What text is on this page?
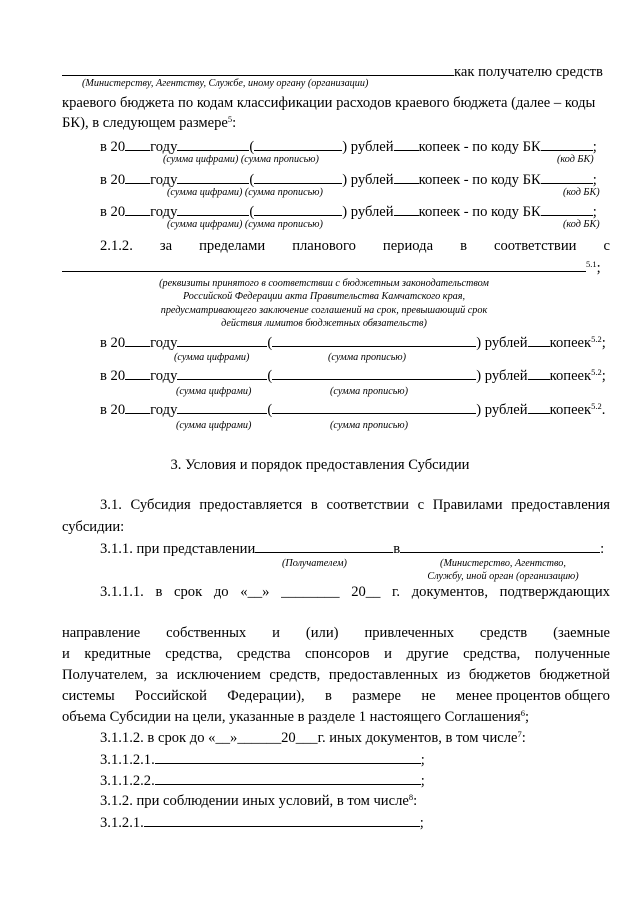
как получателю средств
(Министерству, Агентству, Службе, иному органу (организации)
краевого бюджета по кодам классификации расходов краевого бюджета (далее – коды
БК), в следующем размере$^5$:
в 20 году	(	) рублей копеек - по коду БК	;
(сумма цифрами) (сумма прописью)	(код БК)
в 20 году	(	) рублей копеек - по коду БК	;
(сумма цифрами) (сумма прописью)	(код БК)
в 20 году	(	) рублей копеек - по коду БК	;
(сумма цифрами) (сумма прописью)	(код БК)
2.1.2. за пределами планового периода в соответствии с
$^{5.1}$;
(реквизиты принятого в соответствии с бюджетным законодательством
Российской Федерации акта Правительства Камчатского края,
предусматривающего заключение соглашений на срок, превышающий срок
действия лимитов бюджетных обязательств)
в 20 году	(	) рублей копеек$^{5.2}$;
(сумма цифрами)	(сумма прописью)
в 20 году	(	) рублей копеек$^{5.2}$;
(сумма цифрами)	(сумма прописью)
в 20 году	(	) рублей копеек$^{5.2}$.
(сумма цифрами)	(сумма прописью)
3. Условия и порядок предоставления Субсидии
3.1. Субсидия предоставляется в соответствии с Правилами предоставления
субсидии:
3.1.1. при представлении	в	:
(Получателем)	(Министерство, Агентство,
Службу, иной орган (организацию)
3.1.1.1. в срок до «__» ________ 20__ г. документов, подтверждающих
направление собственных и (или) привлеченных средств (заемные
и кредитные средства, средства спонсоров и другие средства, полученные
Получателем, за исключением средств, предоставленных из бюджетов бюджетной
системы Российской Федерации), в размере не менее процентов общего
объема Субсидии на цели, указанные в разделе 1 настоящего Соглашения$^6$;
3.1.1.2. в срок до «__»______20___г. иных документов, в том числе$^7$:
3.1.1.2.1.	;
3.1.1.2.2.	;
3.1.2. при соблюдении иных условий, в том числе$^8$:
3.1.2.1.	;
